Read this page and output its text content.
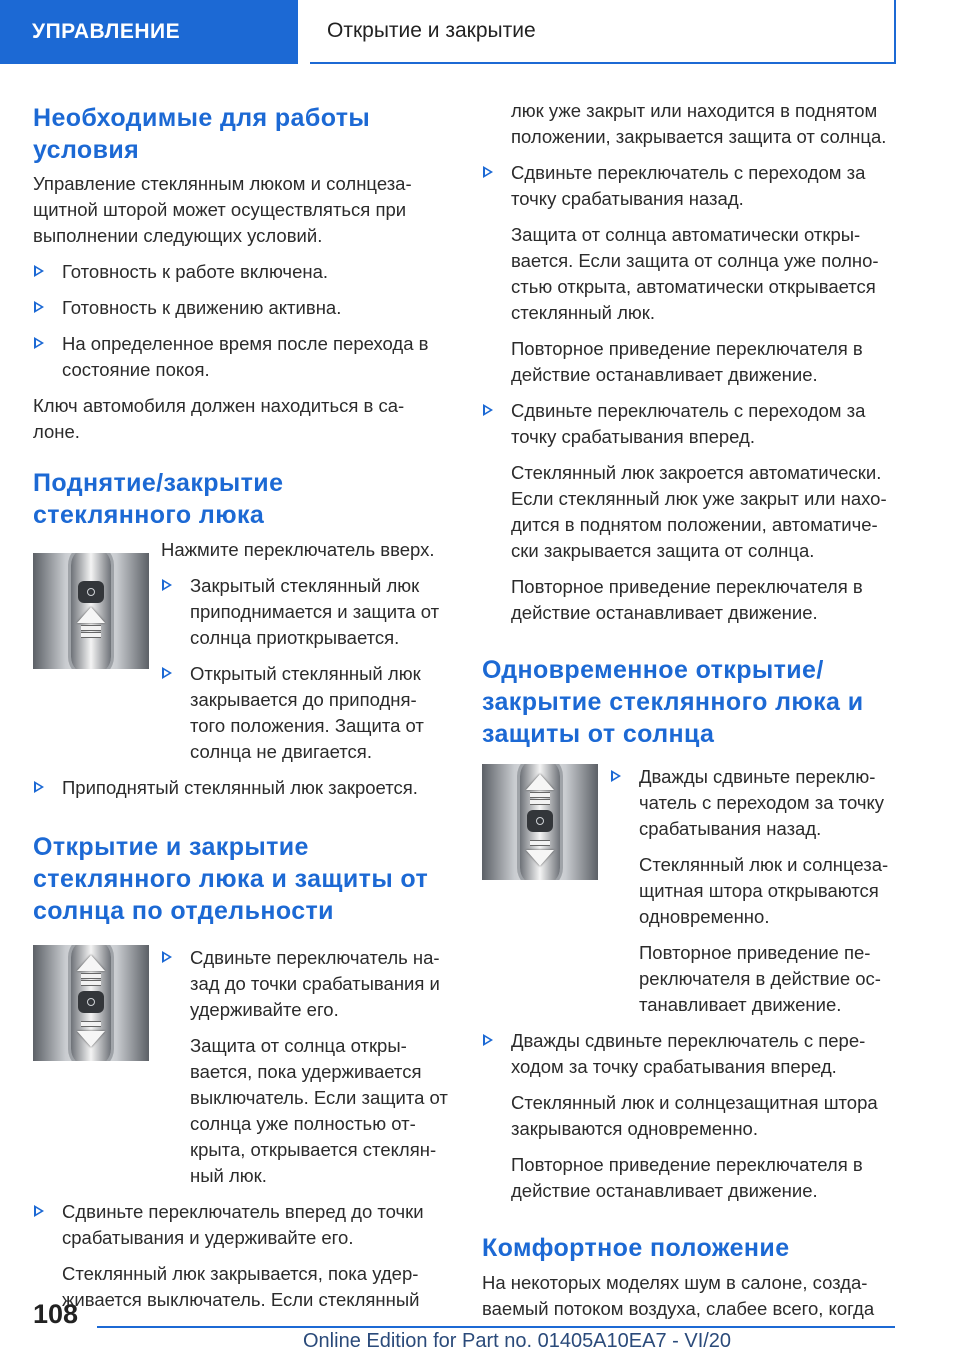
УПРАВЛЕНИЕ	Открытие и закрытие
Необходимые для работы условия

Управление стеклянным люком и солнцеза-щитной шторой может осуществляться при выполнении следующих условий.

Готовность к работе включена.
Готовность к движению активна.
На определенное время после перехода в состояние покоя.

Ключ автомобиля должен находиться в са-лоне.

Поднятие/закрытие стеклянного люка

Нажмите переключатель вверх.

Закрытый стеклянный люк приподнимается и защита от солнца приоткрывается.
Открытый стеклянный люк закрывается до приподня-того положения. Защита от солнца не двигается.
Приподнятый стеклянный люк закроется.
Открытие и закрытие стеклянного люка и защиты от солнца по отдельности
Сдвиньте переключатель на-зад до точки срабатывания и удерживайте его.

Защита от солнца откры-вается, пока удерживается выключатель. Если защита от солнца уже полностью от-крыта, открывается стеклян-ный люк.

Сдвиньте переключатель вперед до точки срабатывания и удерживайте его.

Стеклянный люк закрывается, пока удер-живается выключатель. Если стеклянный

люк уже закрыт или находится в поднятом положении, закрывается защита от солнца.

Сдвиньте переключатель с переходом за точку срабатывания назад.

Защита от солнца автоматически откры-вается. Если защита от солнца уже полно-стью открыта, автоматически открывается стеклянный люк.

Повторное приведение переключателя в действие останавливает движение.

Сдвиньте переключатель с переходом за точку срабатывания вперед.

Стеклянный люк закроется автоматически. Если стеклянный люк уже закрыт или нахо-дится в поднятом положении, автоматиче-ски закрывается защита от солнца.

Повторное приведение переключателя в действие останавливает движение.

Одновременное открытие/ закрытие стеклянного люка и защиты от солнца
Дважды сдвиньте переклю-чатель с переходом за точку срабатывания назад.

Стеклянный люк и солнцеза-щитная штора открываются одновременно.

Повторное приведение пе-реключателя в действие ос-танавливает движение.

Дважды сдвиньте переключатель с пере-ходом за точку срабатывания вперед.

Стеклянный люк и солнцезащитная штора закрываются одновременно.

Повторное приведение переключателя в действие останавливает движение.

Комфортное положение

На некоторых моделях шум в салоне, созда-ваемый потоком воздуха, слабее всего, когда

108
Online Edition for Part no. 01405A10EA7 - VI/20
